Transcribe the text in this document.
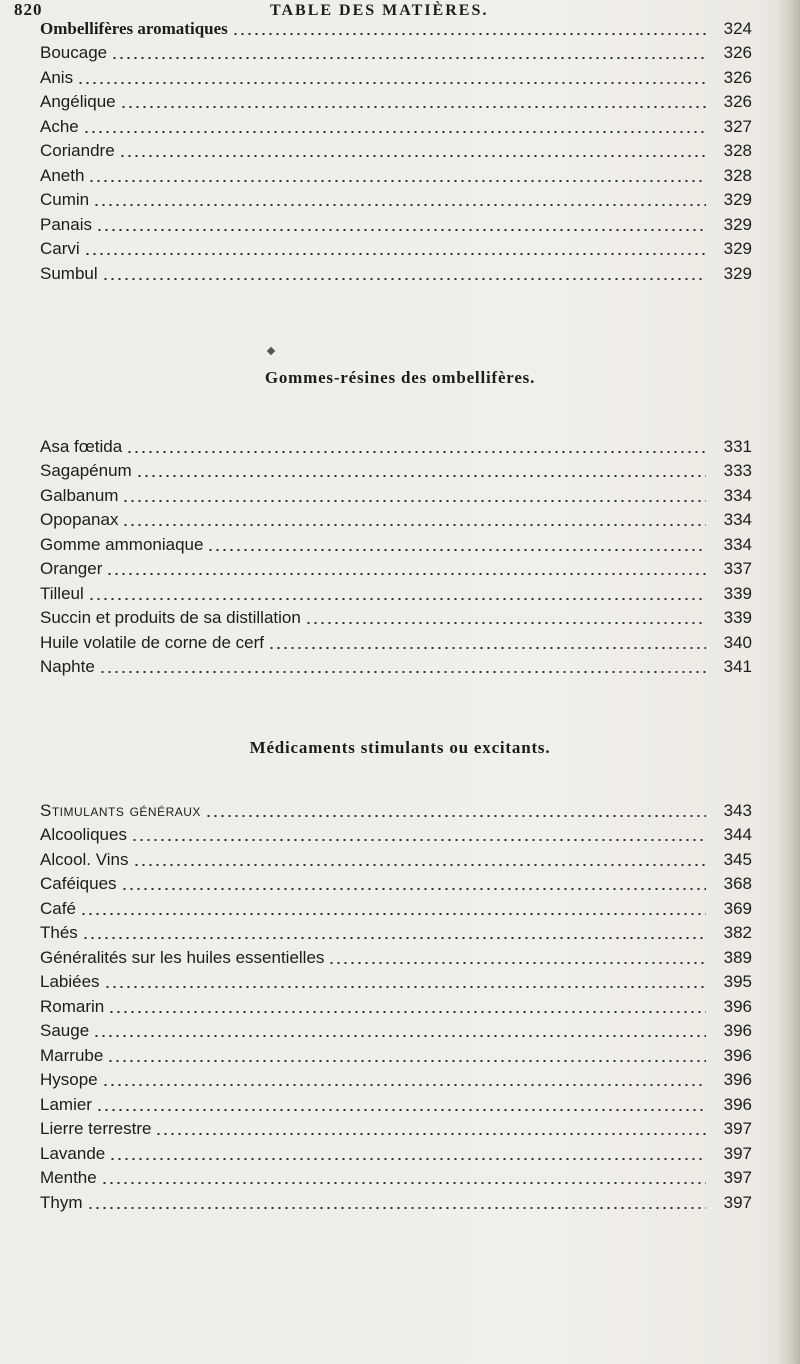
820	TABLE DES MATIÈRES.
Ombellifères aromatiques	324
Boucage	326
Anis	326
Angélique	326
Ache	327
Coriandre	328
Aneth	328
Cumin	329
Panais	329
Carvi	329
Sumbul	329
Gommes-résines des ombellifères.
Asa fœtida	331
Sagapénum	333
Galbanum	334
Opopanax	334
Gomme ammoniaque	334
Oranger	337
Tilleul	339
Succin et produits de sa distillation	339
Huile volatile de corne de cerf	340
Naphte	341
Médicaments stimulants ou excitants.
Stimulants généraux	343
Alcooliques	344
Alcool. Vins	345
Caféiques	368
Café	369
Thés	382
Généralités sur les huiles essentielles	389
Labiées	395
Romarin	396
Sauge	396
Marrube	396
Hysope	396
Lamier	396
Lierre terrestre	397
Lavande	397
Menthe	397
Thym	397
